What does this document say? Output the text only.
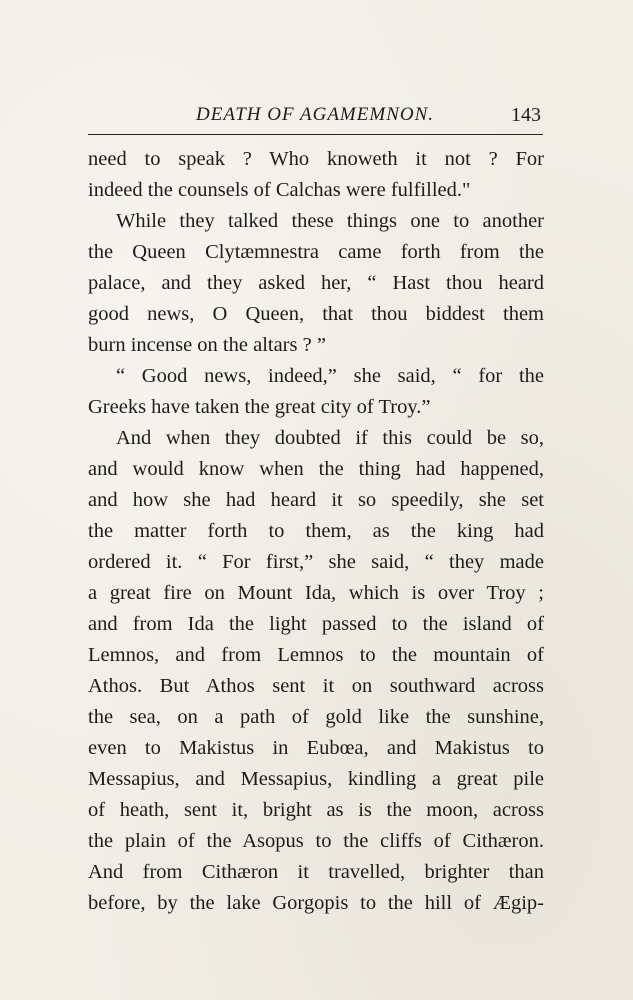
DEATH OF AGAMEMNON.	143
need to speak ? Who knoweth it not ? For
indeed the counsels of Calchas were fulfilled."
While they talked these things one to another
the Queen Clytæmnestra came forth from the
palace, and they asked her, “ Hast thou heard
good news, O Queen, that thou biddest them
burn incense on the altars ? ”
“ Good news, indeed,” she said, “ for the
Greeks have taken the great city of Troy.”
And when they doubted if this could be so,
and would know when the thing had happened,
and how she had heard it so speedily, she set
the matter forth to them, as the king had
ordered it. “ For first,” she said, “ they made
a great fire on Mount Ida, which is over Troy ;
and from Ida the light passed to the island of
Lemnos, and from Lemnos to the mountain of
Athos. But Athos sent it on southward across
the sea, on a path of gold like the sunshine,
even to Makistus in Eubœa, and Makistus to
Messapius, and Messapius, kindling a great pile
of heath, sent it, bright as is the moon, across
the plain of the Asopus to the cliffs of Cithæron.
And from Cithæron it travelled, brighter than
before, by the lake Gorgopis to the hill of Ægip-
